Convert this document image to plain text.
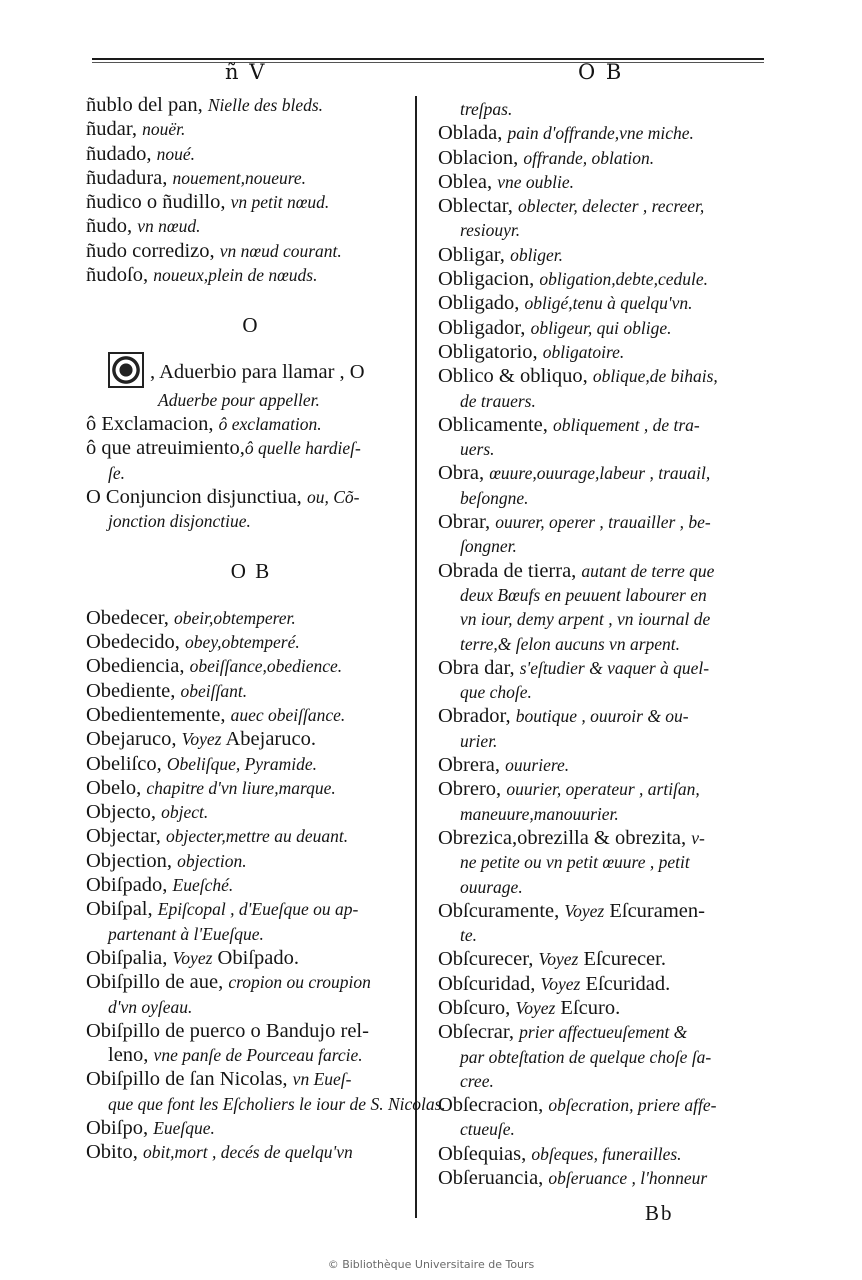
ñ V	O B
ñublo del pan, Nielle des bleds.
ñudar, nouër.
ñudado, noué.
ñudadura, nouement,noueure.
ñudico o ñudillo, vn petit nœud.
ñudo, vn nœud.
ñudo corredizo, vn nœud courant.
ñudoſo, noueux,plein de nœuds.
O
, Aduerbio para llamar , O
Aduerbe pour appeller.
ô Exclamacion, ô exclamation.
ô que atreuimiento,ô quelle hardieſ-
ſe.
O Conjuncion disjunctiua, ou, Cõ-
jonction disjonctiue.
O B
Obedecer, obeir,obtemperer.
Obedecido, obey,obtemperé.
Obediencia, obeiſſance,obedience.
Obediente, obeiſſant.
Obedientemente, auec obeiſſance.
Obejaruco, Voyez Abejaruco.
Obeliſco, Obeliſque, Pyramide.
Obelo, chapitre d'vn liure,marque.
Objecto, object.
Objectar, objecter,mettre au deuant.
Objection, objection.
Obiſpado, Eueſché.
Obiſpal, Epiſcopal , d'Eueſque ou ap-
partenant à l'Eueſque.
Obiſpalia, Voyez Obiſpado.
Obiſpillo de aue, cropion ou croupion
d'vn oyſeau.
Obiſpillo de puerco o Bandujo rel-
leno, vne panſe de Pourceau farcie.
Obiſpillo de ſan Nicolas, vn Eueſ-
que que font les Eſcholiers le iour de S. Nicolas.
Obiſpo, Eueſque.
Obito, obit,mort , decés de quelqu'vn
treſpas.
Oblada, pain d'offrande,vne miche.
Oblacion, offrande, oblation.
Oblea, vne oublie.
Oblectar, oblecter, delecter , recreer,
resiouyr.
Obligar, obliger.
Obligacion, obligation,debte,cedule.
Obligado, obligé,tenu à quelqu'vn.
Obligador, obligeur, qui oblige.
Obligatorio, obligatoire.
Oblico & obliquo, oblique,de bihais,
de trauers.
Oblicamente, obliquement , de tra-
uers.
Obra, œuure,ouurage,labeur , trauail,
beſongne.
Obrar, ouurer, operer , trauailler , be-
ſongner.
Obrada de tierra, autant de terre que
deux Bœufs en peuuent labourer en
vn iour, demy arpent , vn iournal de
terre,& ſelon aucuns vn arpent.
Obra dar, s'eſtudier & vaquer à quel-
que choſe.
Obrador, boutique , ouuroir & ou-
urier.
Obrera, ouuriere.
Obrero, ouurier, operateur , artiſan,
maneuure,manouurier.
Obrezica,obrezilla & obrezita, v-
ne petite ou vn petit œuure , petit
ouurage.
Obſcuramente, Voyez Eſcuramen-
te.
Obſcurecer, Voyez Eſcurecer.
Obſcuridad, Voyez Eſcuridad.
Obſcuro, Voyez Eſcuro.
Obſecrar, prier affectueuſement &
par obteſtation de quelque choſe ſa-
cree.
Obſecracion, obſecration, priere affe-
ctueuſe.
Obſequias, obſeques, funerailles.
Obſeruancia, obſeruance , l'honneur
Bb
© Bibliothèque Universitaire de Tours
